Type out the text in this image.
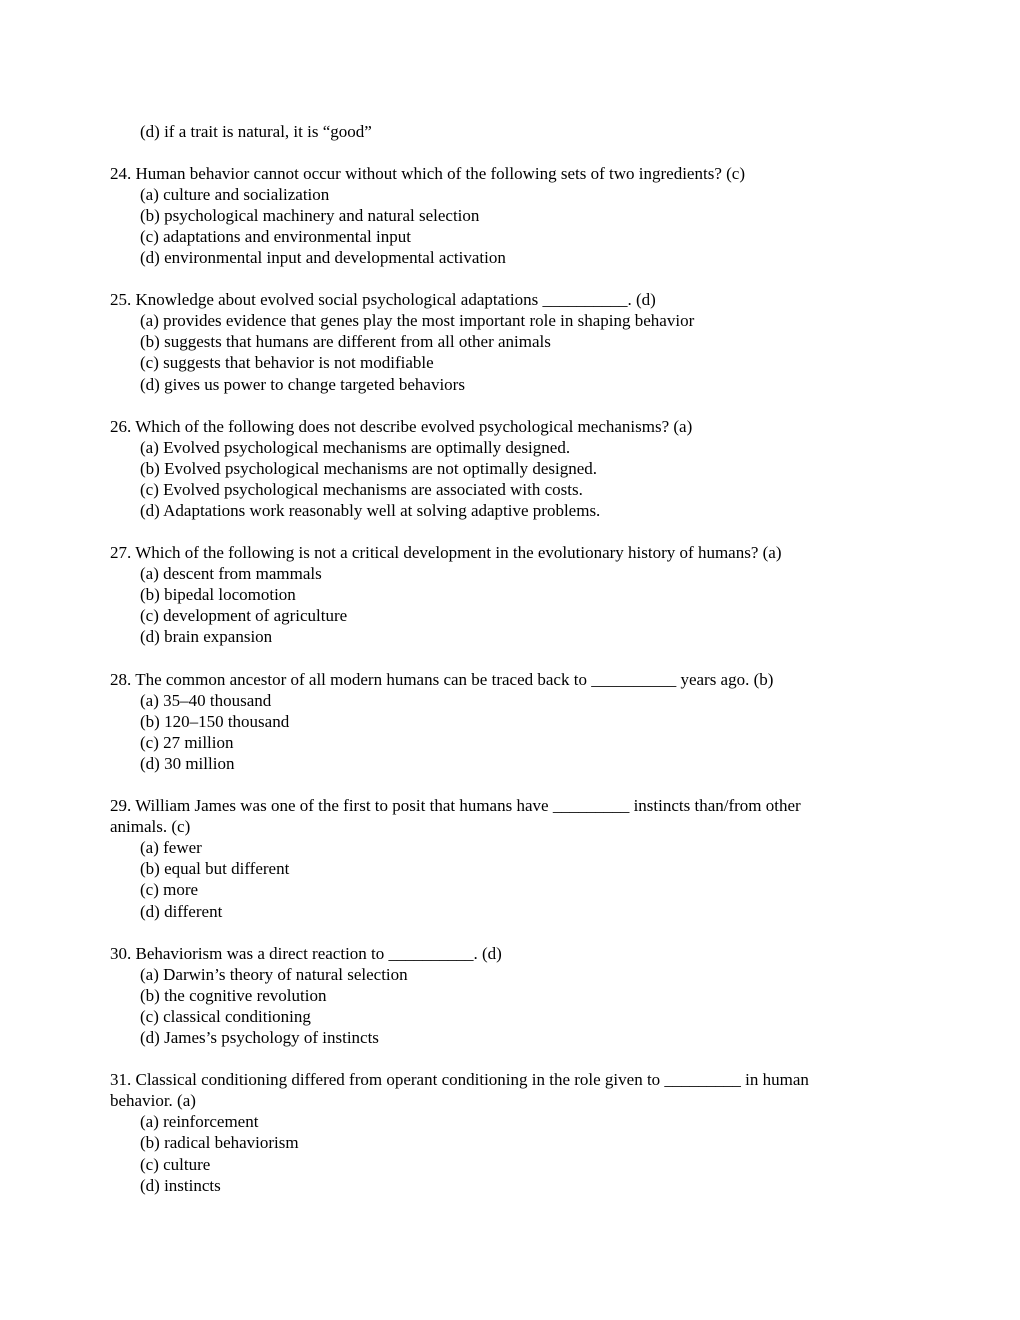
(d) if a trait is natural, it is “good”
24. Human behavior cannot occur without which of the following sets of two ingredients? (c)
(a) culture and socialization
(b) psychological machinery and natural selection
(c) adaptations and environmental input
(d) environmental input and developmental activation
25. Knowledge about evolved social psychological adaptations __________. (d)
(a) provides evidence that genes play the most important role in shaping behavior
(b) suggests that humans are different from all other animals
(c) suggests that behavior is not modifiable
(d) gives us power to change targeted behaviors
26. Which of the following does not describe evolved psychological mechanisms? (a)
(a) Evolved psychological mechanisms are optimally designed.
(b) Evolved psychological mechanisms are not optimally designed.
(c) Evolved psychological mechanisms are associated with costs.
(d) Adaptations work reasonably well at solving adaptive problems.
27. Which of the following is not a critical development in the evolutionary history of humans? (a)
(a) descent from mammals
(b) bipedal locomotion
(c) development of agriculture
(d) brain expansion
28. The common ancestor of all modern humans can be traced back to __________ years ago. (b)
(a) 35–40 thousand
(b) 120–150 thousand
(c) 27 million
(d) 30 million
29. William James was one of the first to posit that humans have _________ instincts than/from other
animals. (c)
(a) fewer
(b) equal but different
(c) more
(d) different
30. Behaviorism was a direct reaction to __________. (d)
(a) Darwin’s theory of natural selection
(b) the cognitive revolution
(c) classical conditioning
(d) James’s psychology of instincts
31. Classical conditioning differed from operant conditioning in the role given to _________ in human
behavior. (a)
(a) reinforcement
(b) radical behaviorism
(c) culture
(d) instincts
